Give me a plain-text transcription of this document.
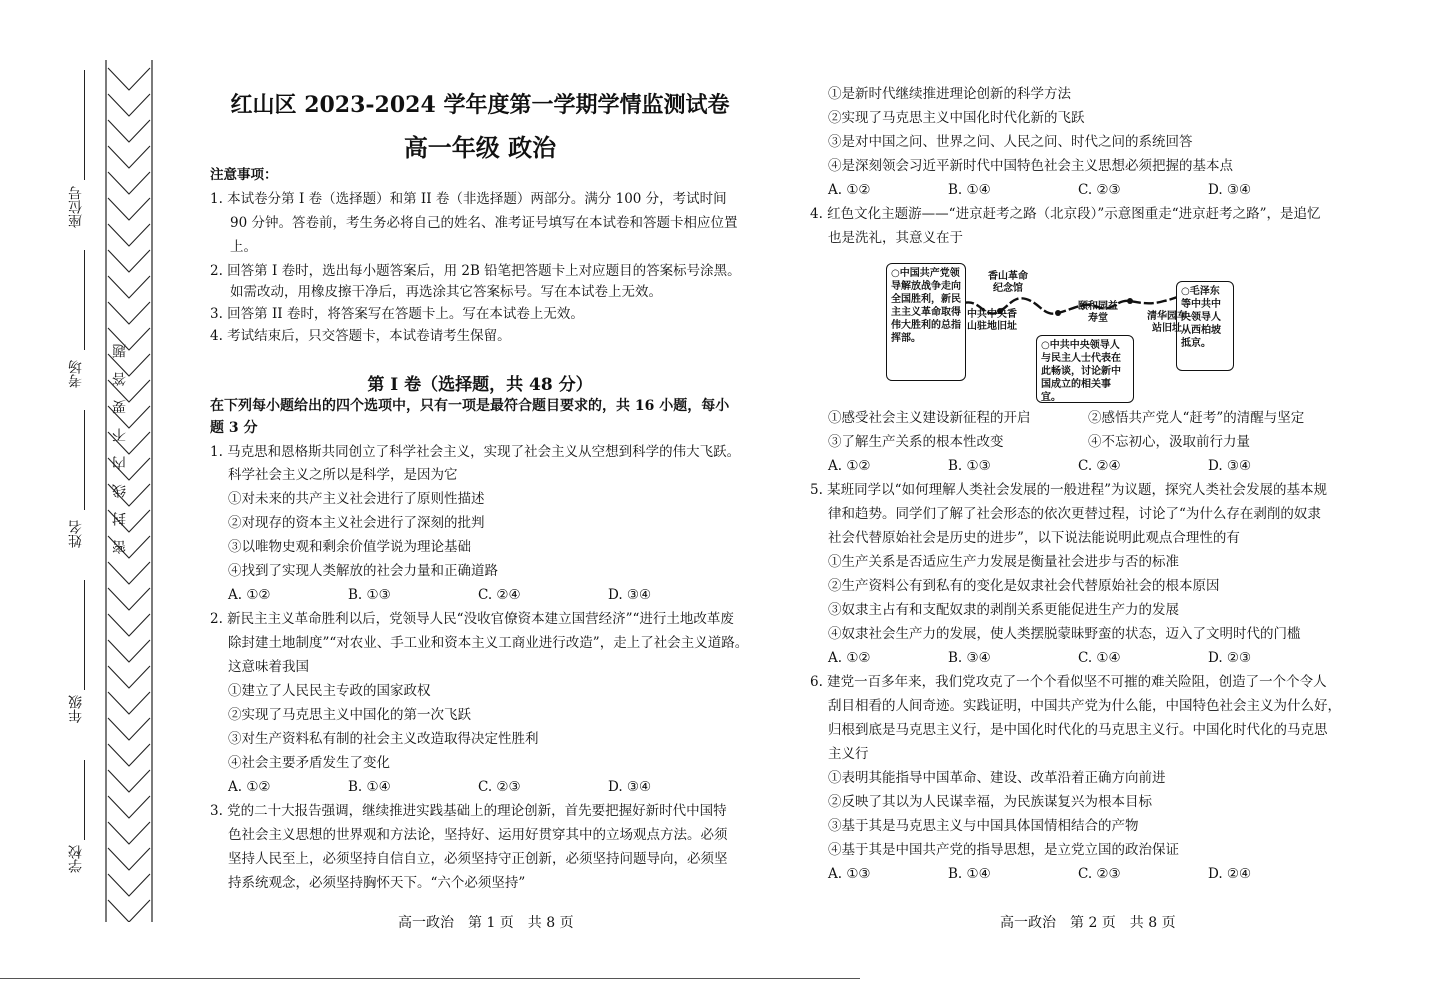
座位号
考场
姓名
年级
学校
密封线内不要答题
红山区 2023-2024 学年度第一学期学情监测试卷
高一年级 政治
注意事项：
1. 本试卷分第 I 卷（选择题）和第 II 卷（非选择题）两部分。满分 100 分，考试时间
90 分钟。答卷前，考生务必将自己的姓名、准考证号填写在本试卷和答题卡相应位置
上。
2. 回答第 I 卷时，选出每小题答案后，用 2B 铅笔把答题卡上对应题目的答案标号涂黑。
如需改动，用橡皮擦干净后，再选涂其它答案标号。写在本试卷上无效。
3. 回答第 II 卷时，将答案写在答题卡上。写在本试卷上无效。
4. 考试结束后，只交答题卡，本试卷请考生保留。
第 I 卷（选择题，共 48 分）
在下列每小题给出的四个选项中，只有一项是最符合题目要求的，共 16 小题，每小
题 3 分
1. 马克思和恩格斯共同创立了科学社会主义，实现了社会主义从空想到科学的伟大飞跃。
科学社会主义之所以是科学，是因为它
①对未来的共产主义社会进行了原则性描述
②对现存的资本主义社会进行了深刻的批判
③以唯物史观和剩余价值学说为理论基础
④找到了实现人类解放的社会力量和正确道路
A. ①②	B. ①③	C. ②④	D. ③④
2. 新民主主义革命胜利以后，党领导人民“没收官僚资本建立国营经济”“进行土地改革废
除封建土地制度”“对农业、手工业和资本主义工商业进行改造”，走上了社会主义道路。
这意味着我国
①建立了人民民主专政的国家政权
②实现了马克思主义中国化的第一次飞跃
③对生产资料私有制的社会主义改造取得决定性胜利
④社会主要矛盾发生了变化
A. ①②	B. ①④	C. ②③	D. ③④
3. 党的二十大报告强调，继续推进实践基础上的理论创新，首先要把握好新时代中国特
色社会主义思想的世界观和方法论，坚持好、运用好贯穿其中的立场观点方法。必须
坚持人民至上，必须坚持自信自立，必须坚持守正创新，必须坚持问题导向，必须坚
持系统观念，必须坚持胸怀天下。“六个必须坚持”
高一政治　第 1 页　共 8 页
①是新时代继续推进理论创新的科学方法
②实现了马克思主义中国化时代化新的飞跃
③是对中国之问、世界之问、人民之问、时代之问的系统回答
④是深刻领会习近平新时代中国特色社会主义思想必须把握的基本点
A. ①②	B. ①④	C. ②③	D. ③④
4. 红色文化主题游——“进京赶考之路（北京段）”示意图重走“进京赶考之路”，是追忆
也是洗礼，其意义在于
○中国共产党领导解放战争走向全国胜利，新民主主义革命取得伟大胜利的总指挥部。
○中共中央领导人与民主人士代表在此畅谈，讨论新中国成立的相关事宜。
○毛泽东等中共中央领导人从西柏坡抵京。
香山革命纪念馆
中共中央香山驻地旧址
颐和园益寿堂	清华园车站旧址
①感受社会主义建设新征程的开启	②感悟共产党人“赶考”的清醒与坚定
③了解生产关系的根本性改变	④不忘初心，汲取前行力量
A. ①②	B. ①③	C. ②④	D. ③④
5. 某班同学以“如何理解人类社会发展的一般进程”为议题，探究人类社会发展的基本规
律和趋势。同学们了解了社会形态的依次更替过程，讨论了“为什么存在剥削的奴隶
社会代替原始社会是历史的进步”，以下说法能说明此观点合理性的有
①生产关系是否适应生产力发展是衡量社会进步与否的标准
②生产资料公有到私有的变化是奴隶社会代替原始社会的根本原因
③奴隶主占有和支配奴隶的剥削关系更能促进生产力的发展
④奴隶社会生产力的发展，使人类摆脱蒙昧野蛮的状态，迈入了文明时代的门槛
A. ①②	B. ③④	C. ①④	D. ②③
6. 建党一百多年来，我们党攻克了一个个看似坚不可摧的难关险阻，创造了一个个令人
刮目相看的人间奇迹。实践证明，中国共产党为什么能，中国特色社会主义为什么好，
归根到底是马克思主义行，是中国化时代化的马克思主义行。中国化时代化的马克思
主义行
①表明其能指导中国革命、建设、改革沿着正确方向前进
②反映了其以为人民谋幸福，为民族谋复兴为根本目标
③基于其是马克思主义与中国具体国情相结合的产物
④基于其是中国共产党的指导思想，是立党立国的政治保证
A. ①③	B. ①④	C. ②③	D. ②④
高一政治　第 2 页　共 8 页
